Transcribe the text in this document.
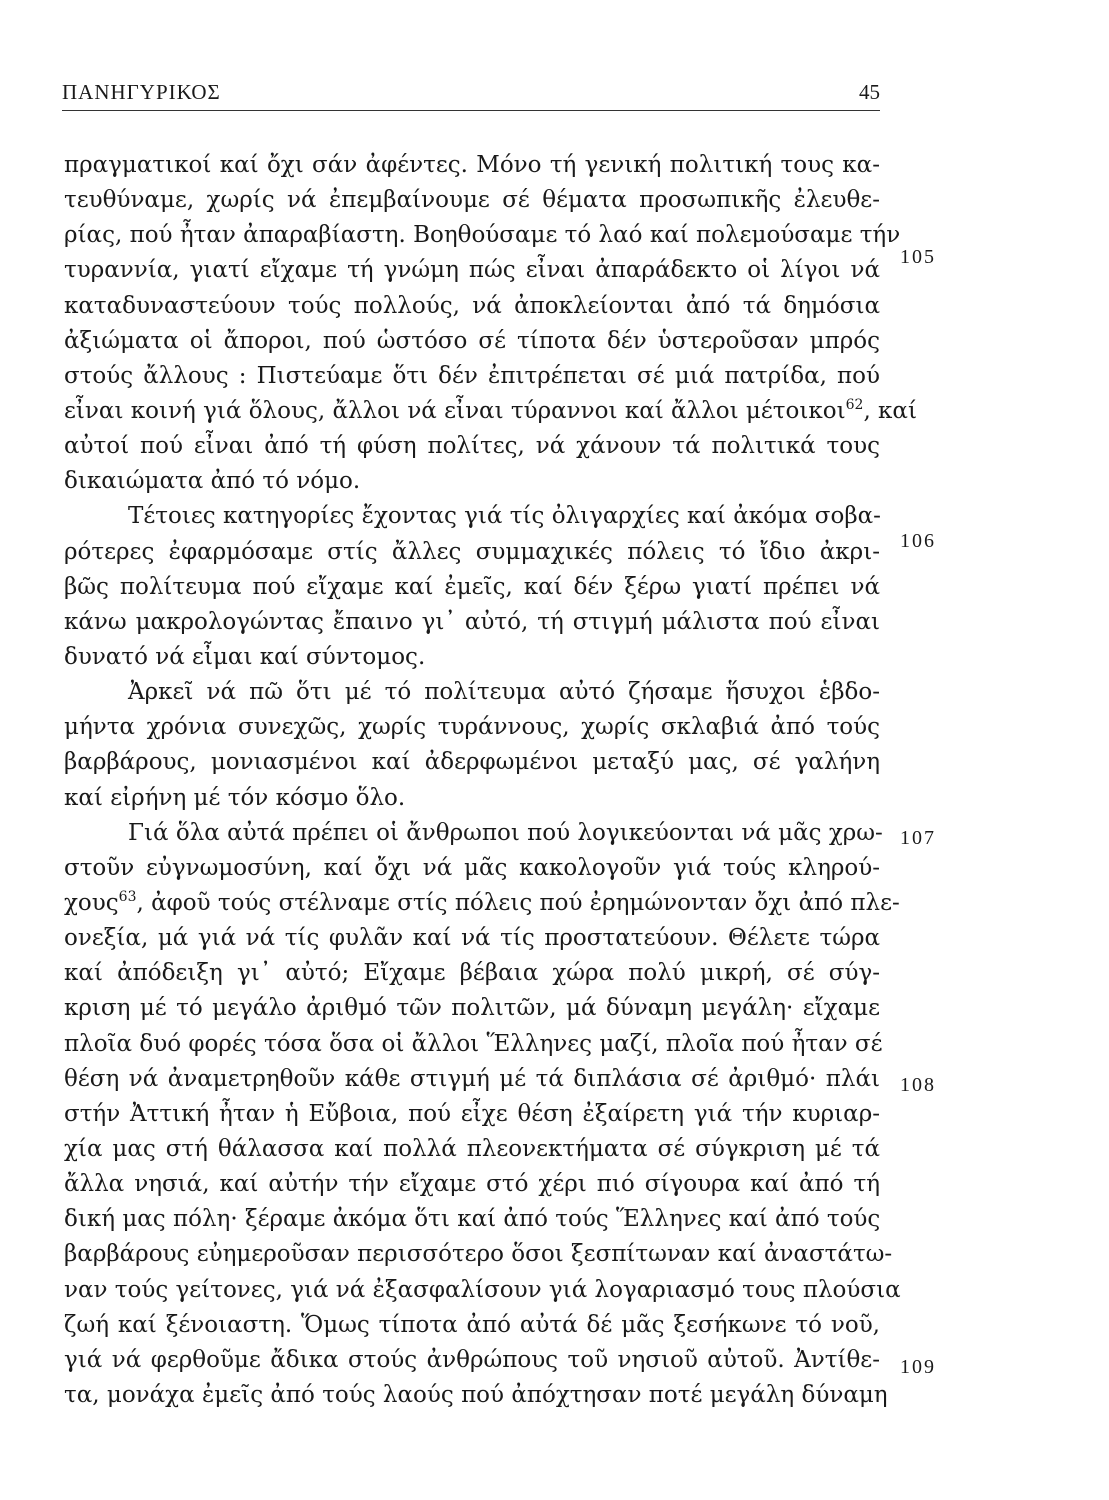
ΠΑΝΗΓΥΡΙΚΟΣ	45
πραγματικοί καί ὄχι σάν ἀφέντες. Μόνο τή γενική πολιτική τους κα-
τευθύναμε, χωρίς νά ἐπεμβαίνουμε σέ θέματα προσωπικῆς ἐλευθε-
ρίας, πού ἦταν ἀπαραβίαστη. Βοηθούσαμε τό λαό καί πολεμούσαμε τήν
τυραννία, γιατί εἴχαμε τή γνώμη πώς εἶναι ἀπαράδεκτο οἱ λίγοι νά
καταδυναστεύουν τούς πολλούς, νά ἀποκλείονται ἀπό τά δημόσια
ἀξιώματα οἱ ἄποροι, πού ὡστόσο σέ τίποτα δέν ὑστεροῦσαν μπρός
στούς ἄλλους : Πιστεύαμε ὅτι δέν ἐπιτρέπεται σέ μιά πατρίδα, πού
εἶναι κοινή γιά ὅλους, ἄλλοι νά εἶναι τύραννοι καί ἄλλοι μέτοικοι$^{62}$, καί
αὐτοί πού εἶναι ἀπό τή φύση πολίτες, νά χάνουν τά πολιτικά τους
δικαιώματα ἀπό τό νόμο.
Τέτοιες κατηγορίες ἔχοντας γιά τίς ὀλιγαρχίες καί ἀκόμα σοβα-
ρότερες ἐφαρμόσαμε στίς ἄλλες συμμαχικές πόλεις τό ἴδιο ἀκρι-
βῶς πολίτευμα πού εἴχαμε καί ἐμεῖς, καί δέν ξέρω γιατί πρέπει νά
κάνω μακρολογώντας ἔπαινο γι᾽ αὐτό, τή στιγμή μάλιστα πού εἶναι
δυνατό νά εἶμαι καί σύντομος.
Ἀρκεῖ νά πῶ ὅτι μέ τό πολίτευμα αὐτό ζήσαμε ἥσυχοι ἑβδο-
μήντα χρόνια συνεχῶς, χωρίς τυράννους, χωρίς σκλαβιά ἀπό τούς
βαρβάρους, μονιασμένοι καί ἀδερφωμένοι μεταξύ μας, σέ γαλήνη
καί εἰρήνη μέ τόν κόσμο ὅλο.
Γιά ὅλα αὐτά πρέπει οἱ ἄνθρωποι πού λογικεύονται νά μᾶς χρω-
στοῦν εὐγνωμοσύνη, καί ὄχι νά μᾶς κακολογοῦν γιά τούς κληρού-
χους$^{63}$, ἀφοῦ τούς στέλναμε στίς πόλεις πού ἐρημώνονταν ὄχι ἀπό πλε-
ονεξία, μά γιά νά τίς φυλᾶν καί νά τίς προστατεύουν. Θέλετε τώρα
καί ἀπόδειξη γι᾽ αὐτό; Εἴχαμε βέβαια χώρα πολύ μικρή, σέ σύγ-
κριση μέ τό μεγάλο ἀριθμό τῶν πολιτῶν, μά δύναμη μεγάλη· εἴχαμε
πλοῖα δυό φορές τόσα ὅσα οἱ ἄλλοι Ἕλληνες μαζί, πλοῖα πού ἦταν σέ
θέση νά ἀναμετρηθοῦν κάθε στιγμή μέ τά διπλάσια σέ ἀριθμό· πλάι
στήν Ἀττική ἦταν ἡ Εὔβοια, πού εἶχε θέση ἐξαίρετη γιά τήν κυριαρ-
χία μας στή θάλασσα καί πολλά πλεονεκτήματα σέ σύγκριση μέ τά
ἄλλα νησιά, καί αὐτήν τήν εἴχαμε στό χέρι πιό σίγουρα καί ἀπό τή
δική μας πόλη· ξέραμε ἀκόμα ὅτι καί ἀπό τούς Ἕλληνες καί ἀπό τούς
βαρβάρους εὐημεροῦσαν περισσότερο ὅσοι ξεσπίτωναν καί ἀναστάτω-
ναν τούς γείτονες, γιά νά ἐξασφαλίσουν γιά λογαριασμό τους πλούσια
ζωή καί ξένοιαστη. Ὅμως τίποτα ἀπό αὐτά δέ μᾶς ξεσήκωνε τό νοῦ,
γιά νά φερθοῦμε ἄδικα στούς ἀνθρώπους τοῦ νησιοῦ αὐτοῦ. Ἀντίθε-
τα, μονάχα ἐμεῖς ἀπό τούς λαούς πού ἀπόχτησαν ποτέ μεγάλη δύναμη
105
106
107
108
109
